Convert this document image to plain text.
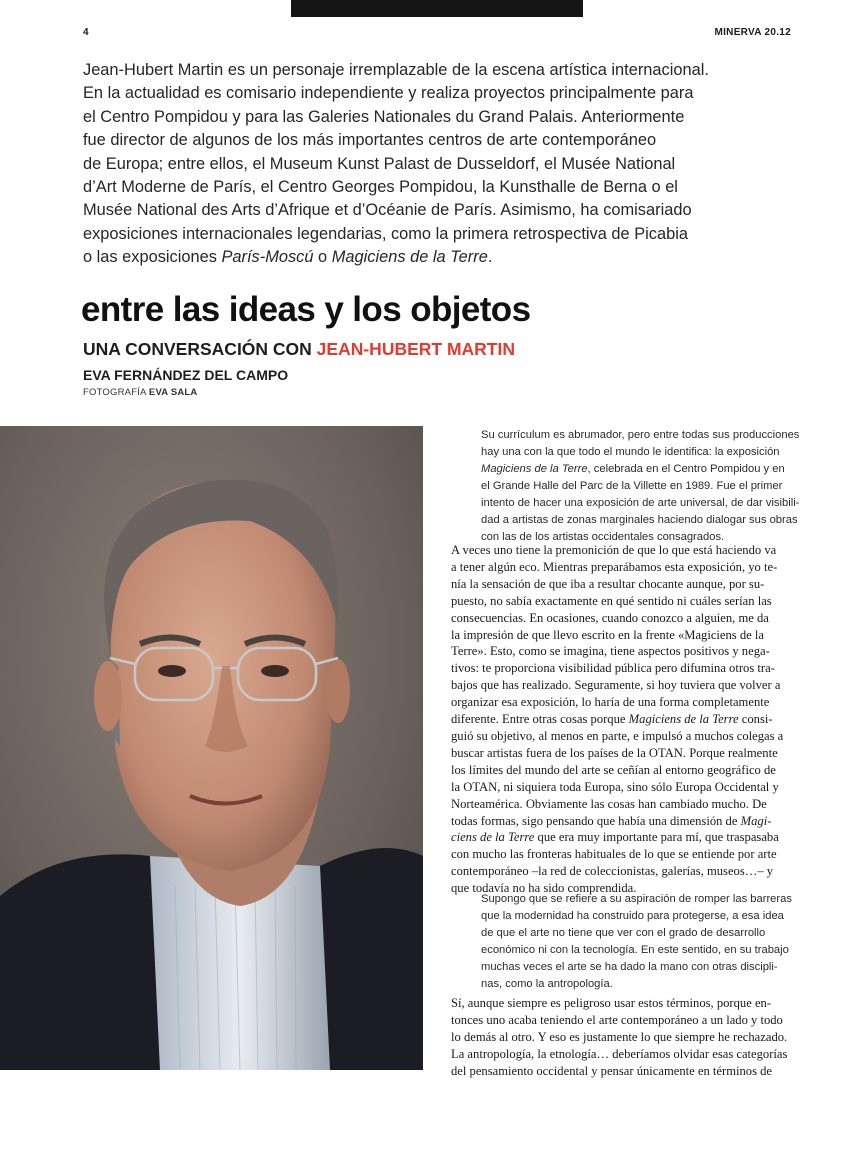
4	MINERVA 20.12

Jean-Hubert Martin es un personaje irremplazable de la escena artística internacional.
En la actualidad es comisario independiente y realiza proyectos principalmente para
el Centro Pompidou y para las Galeries Nationales du Grand Palais. Anteriormente
fue director de algunos de los más importantes centros de arte contemporáneo
de Europa; entre ellos, el Museum Kunst Palast de Dusseldorf, el Musée National
d’Art Moderne de París, el Centro Georges Pompidou, la Kunsthalle de Berna o el
Musée National des Arts d’Afrique et d’Océanie de París. Asimismo, ha comisariado
exposiciones internacionales legendarias, como la primera retrospectiva de Picabia
o las exposiciones París-Moscú o Magiciens de la Terre.

entre las ideas y los objetos
UNA CONVERSACIÓN CON JEAN-HUBERT MARTIN
EVA FERNÁNDEZ DEL CAMPO
FOTOGRAFÍA EVA SALA

Su currículum es abrumador, pero entre todas sus producciones
hay una con la que todo el mundo le identifica: la exposición
Magiciens de la Terre, celebrada en el Centro Pompidou y en
el Grande Halle del Parc de la Villette en 1989. Fue el primer
intento de hacer una exposición de arte universal, de dar visibili-
dad a artistas de zonas marginales haciendo dialogar sus obras
con las de los artistas occidentales consagrados.

A veces uno tiene la premonición de que lo que está haciendo va
a tener algún eco. Mientras preparábamos esta exposición, yo te-
nía la sensación de que iba a resultar chocante aunque, por su-
puesto, no sabía exactamente en qué sentido ni cuáles serían las
consecuencias. En ocasiones, cuando conozco a alguien, me da
la impresión de que llevo escrito en la frente «Magiciens de la
Terre». Esto, como se imagina, tiene aspectos positivos y nega-
tivos: te proporciona visibilidad pública pero difumina otros tra-
bajos que has realizado. Seguramente, si hoy tuviera que volver a
organizar esa exposición, lo haría de una forma completamente
diferente. Entre otras cosas porque Magiciens de la Terre consi-
guió su objetivo, al menos en parte, e impulsó a muchos colegas a
buscar artistas fuera de los países de la OTAN. Porque realmente
los límites del mundo del arte se ceñían al entorno geográfico de
la OTAN, ni siquiera toda Europa, sino sólo Europa Occidental y
Norteamérica. Obviamente las cosas han cambiado mucho. De
todas formas, sigo pensando que había una dimensión de Magi-
ciens de la Terre que era muy importante para mí, que traspasaba
con mucho las fronteras habituales de lo que se entiende por arte
contemporáneo –la red de coleccionistas, galerías, museos…– y
que todavía no ha sido comprendida.

Supongo que se refiere a su aspiración de romper las barreras
que la modernidad ha construido para protegerse, a esa idea
de que el arte no tiene que ver con el grado de desarrollo
económico ni con la tecnología. En este sentido, en su trabajo
muchas veces el arte se ha dado la mano con otras discipli-
nas, como la antropología.

Sí, aunque siempre es peligroso usar estos términos, porque en-
tonces uno acaba teniendo el arte contemporáneo a un lado y todo
lo demás al otro. Y eso es justamente lo que siempre he rechazado.
La antropología, la etnología… deberíamos olvidar esas categorías
del pensamiento occidental y pensar únicamente en términos de
